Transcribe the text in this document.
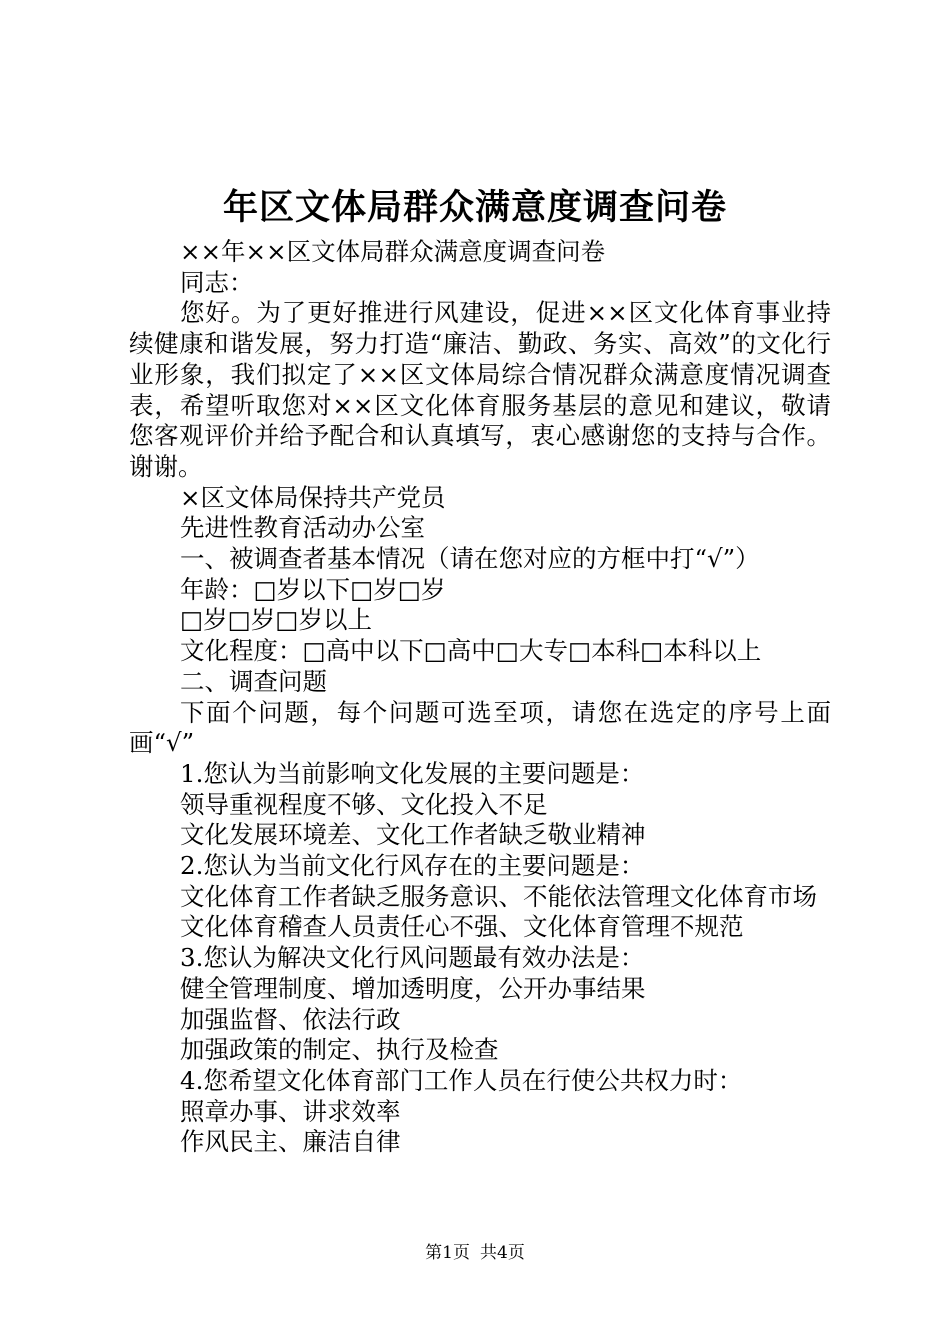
年区文体局群众满意度调查问卷

××年××区文体局群众满意度调查问卷

同志：

您好。为了更好推进行风建设，促进××区文化体育事业持续健康和谐发展，努力打造“廉洁、勤政、务实、高效”的文化行业形象，我们拟定了××区文体局综合情况群众满意度情况调查表，希望听取您对××区文化体育服务基层的意见和建议，敬请您客观评价并给予配合和认真填写，衷心感谢您的支持与合作。谢谢。

×区文体局保持共产党员

先进性教育活动办公室

一、被调查者基本情况（请在您对应的方框中打“√”）

年龄：□岁以下□岁□岁

□岁□岁□岁以上

文化程度：□高中以下□高中□大专□本科□本科以上

二、调查问题

下面个问题，每个问题可选至项，请您在选定的序号上面画“√”

1.您认为当前影响文化发展的主要问题是：

领导重视程度不够、文化投入不足

文化发展环境差、文化工作者缺乏敬业精神

2.您认为当前文化行风存在的主要问题是：

文化体育工作者缺乏服务意识、不能依法管理文化体育市场

文化体育稽查人员责任心不强、文化体育管理不规范

3.您认为解决文化行风问题最有效办法是：

健全管理制度、增加透明度，公开办事结果

加强监督、依法行政

加强政策的制定、执行及检查

4.您希望文化体育部门工作人员在行使公共权力时：

照章办事、讲求效率

作风民主、廉洁自律

第1页 共4页
